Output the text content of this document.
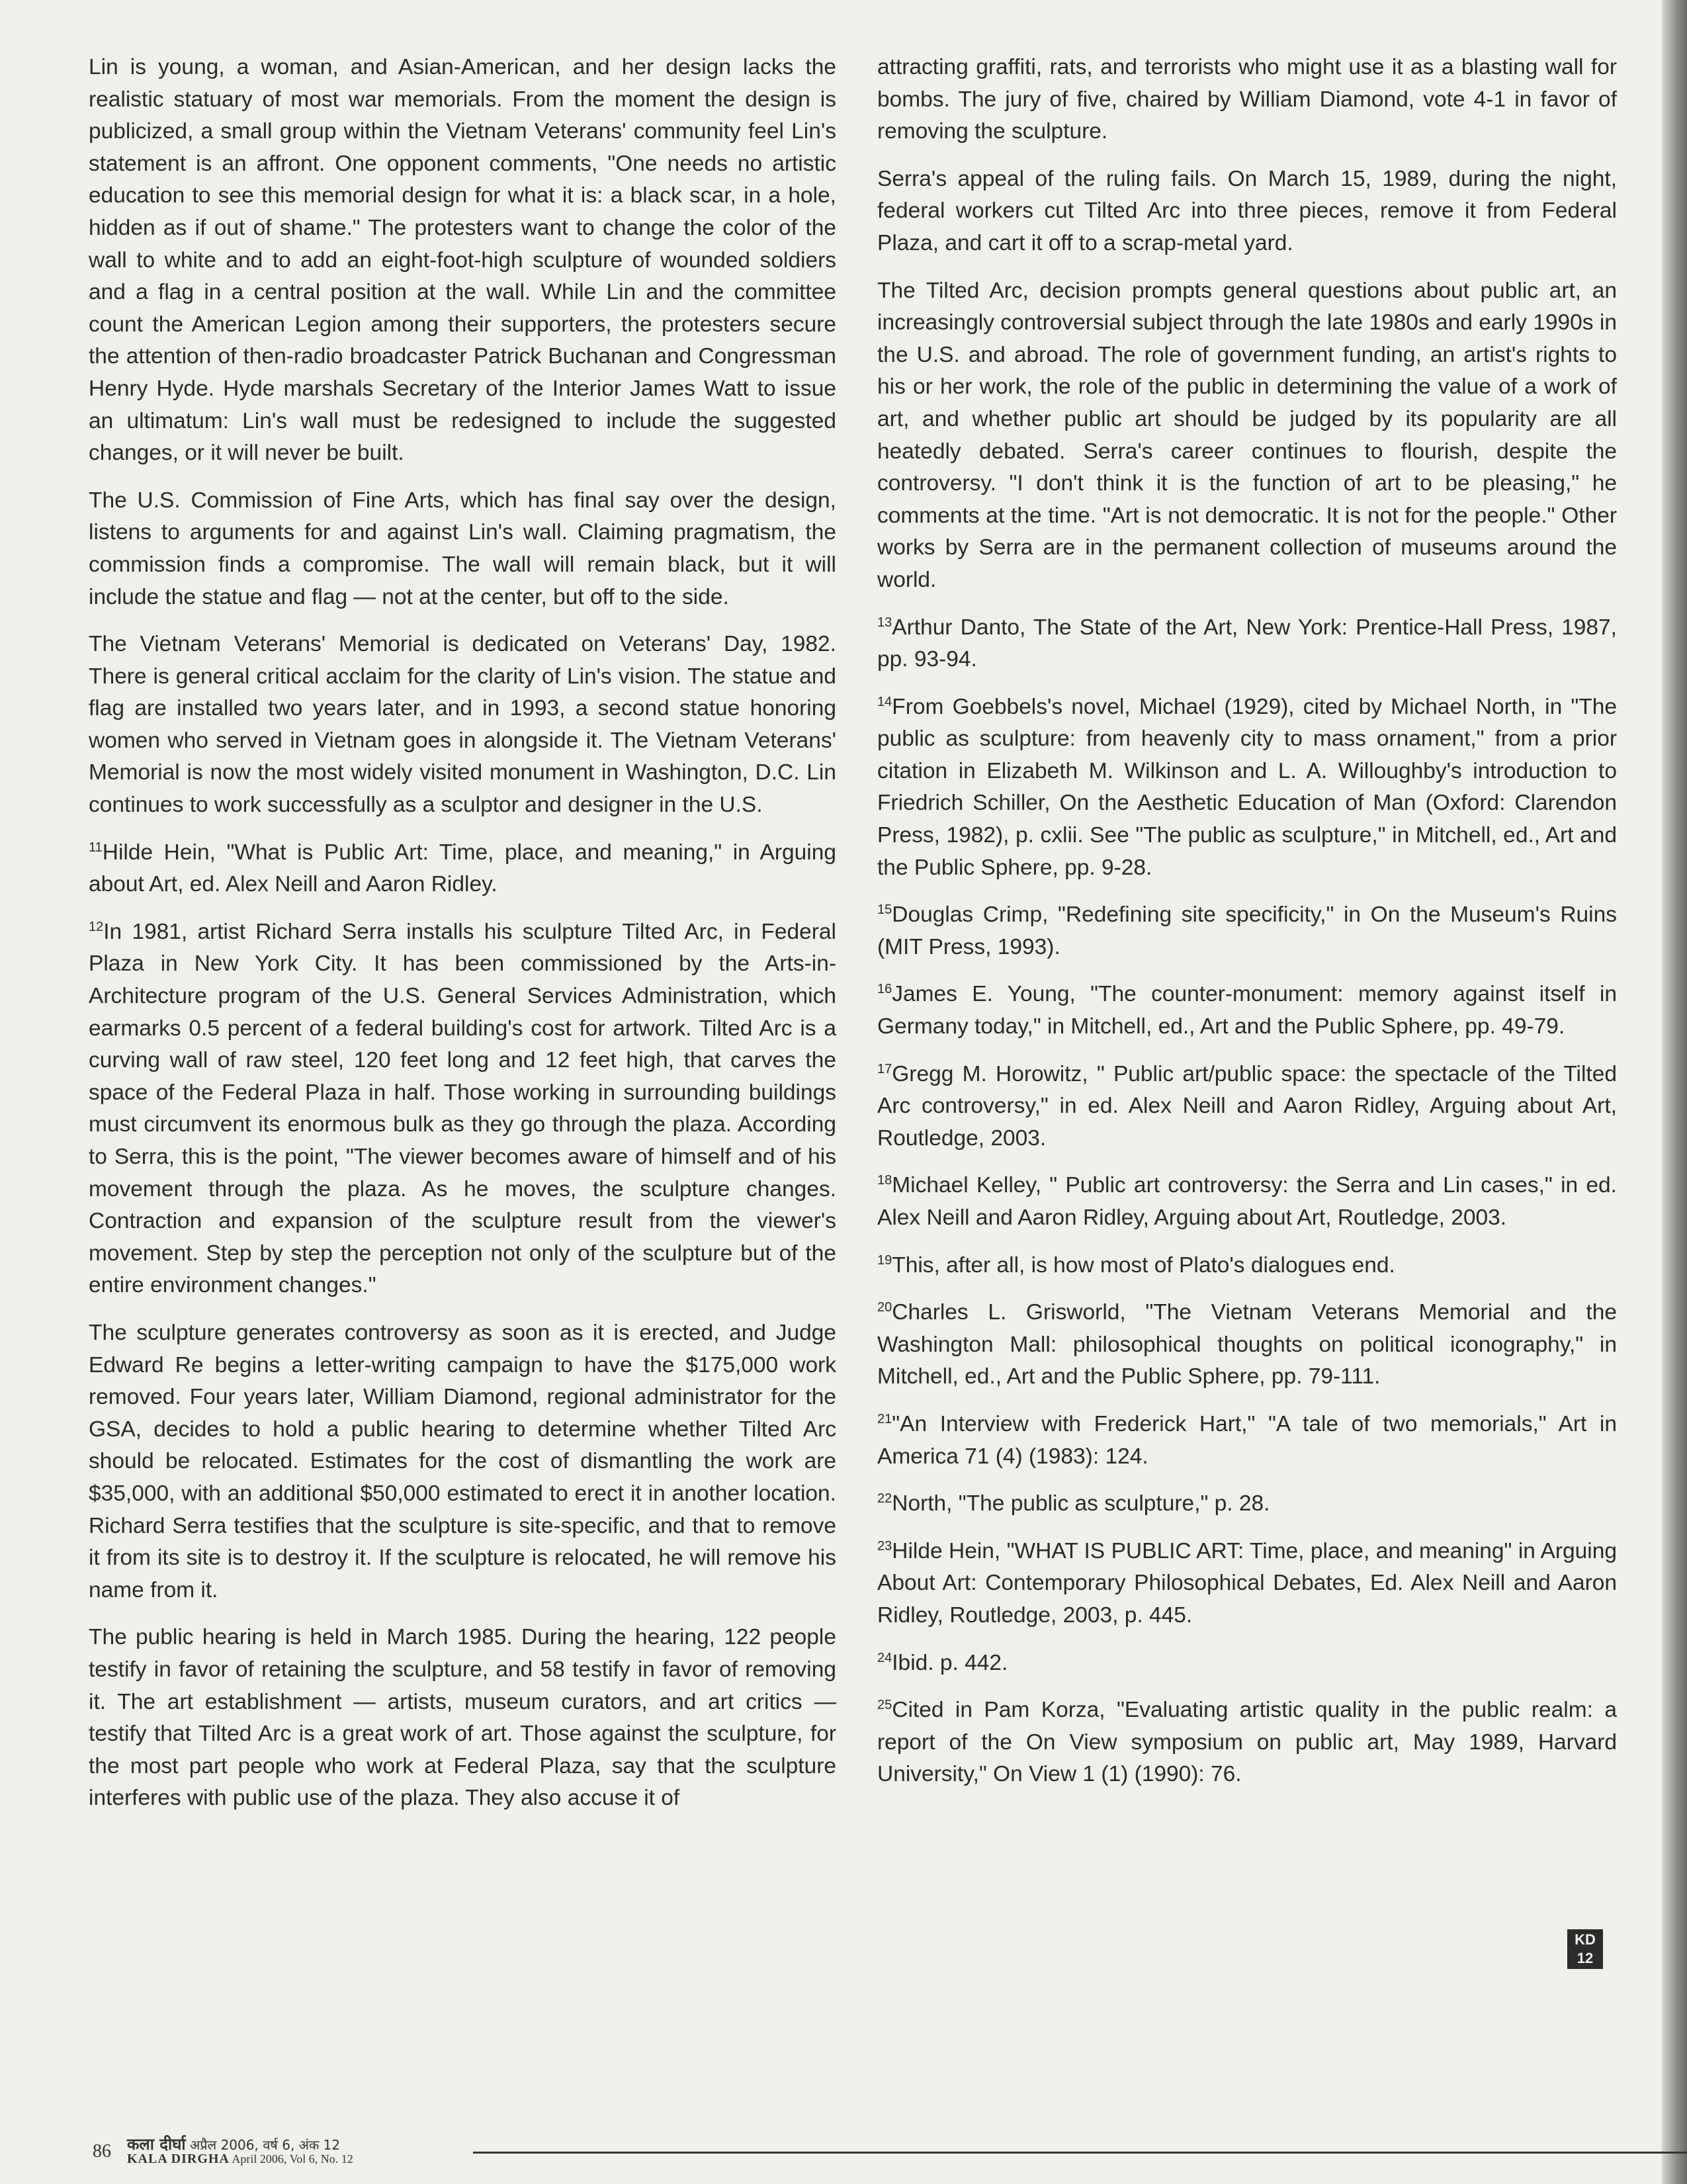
Lin is young, a woman, and Asian-American, and her design lacks the realistic statuary of most war memorials. From the moment the design is publicized, a small group within the Vietnam Veterans' community feel Lin's statement is an affront. One opponent comments, "One needs no artistic education to see this memorial design for what it is: a black scar, in a hole, hidden as if out of shame." The protesters want to change the color of the wall to white and to add an eight-foot-high sculpture of wounded soldiers and a flag in a central position at the wall. While Lin and the committee count the American Legion among their supporters, the protesters secure the attention of then-radio broadcaster Patrick Buchanan and Congressman Henry Hyde. Hyde marshals Secretary of the Interior James Watt to issue an ultimatum: Lin's wall must be redesigned to include the suggested changes, or it will never be built.

The U.S. Commission of Fine Arts, which has final say over the design, listens to arguments for and against Lin's wall. Claiming pragmatism, the commission finds a compromise. The wall will remain black, but it will include the statue and flag — not at the center, but off to the side.

The Vietnam Veterans' Memorial is dedicated on Veterans' Day, 1982. There is general critical acclaim for the clarity of Lin's vision. The statue and flag are installed two years later, and in 1993, a second statue honoring women who served in Vietnam goes in alongside it. The Vietnam Veterans' Memorial is now the most widely visited monument in Washington, D.C. Lin continues to work successfully as a sculptor and designer in the U.S.

$^{11}$Hilde Hein, "What is Public Art: Time, place, and meaning," in Arguing about Art, ed. Alex Neill and Aaron Ridley.

$^{12}$In 1981, artist Richard Serra installs his sculpture Tilted Arc, in Federal Plaza in New York City. It has been commissioned by the Arts-in-Architecture program of the U.S. General Services Administration, which earmarks 0.5 percent of a federal building's cost for artwork. Tilted Arc is a curving wall of raw steel, 120 feet long and 12 feet high, that carves the space of the Federal Plaza in half. Those working in surrounding buildings must circumvent its enormous bulk as they go through the plaza. According to Serra, this is the point, "The viewer becomes aware of himself and of his movement through the plaza. As he moves, the sculpture changes. Contraction and expansion of the sculpture result from the viewer's movement. Step by step the perception not only of the sculpture but of the entire environment changes."

The sculpture generates controversy as soon as it is erected, and Judge Edward Re begins a letter-writing campaign to have the $175,000 work removed. Four years later, William Diamond, regional administrator for the GSA, decides to hold a public hearing to determine whether Tilted Arc should be relocated. Estimates for the cost of dismantling the work are $35,000, with an additional $50,000 estimated to erect it in another location. Richard Serra testifies that the sculpture is site-specific, and that to remove it from its site is to destroy it. If the sculpture is relocated, he will remove his name from it.

The public hearing is held in March 1985. During the hearing, 122 people testify in favor of retaining the sculpture, and 58 testify in favor of removing it. The art establishment — artists, museum curators, and art critics — testify that Tilted Arc is a great work of art. Those against the sculpture, for the most part people who work at Federal Plaza, say that the sculpture interferes with public use of the plaza. They also accuse it of

attracting graffiti, rats, and terrorists who might use it as a blasting wall for bombs. The jury of five, chaired by William Diamond, vote 4-1 in favor of removing the sculpture.

Serra's appeal of the ruling fails. On March 15, 1989, during the night, federal workers cut Tilted Arc into three pieces, remove it from Federal Plaza, and cart it off to a scrap-metal yard.

The Tilted Arc, decision prompts general questions about public art, an increasingly controversial subject through the late 1980s and early 1990s in the U.S. and abroad. The role of government funding, an artist's rights to his or her work, the role of the public in determining the value of a work of art, and whether public art should be judged by its popularity are all heatedly debated. Serra's career continues to flourish, despite the controversy. "I don't think it is the function of art to be pleasing," he comments at the time. "Art is not democratic. It is not for the people." Other works by Serra are in the permanent collection of museums around the world.

$^{13}$Arthur Danto, The State of the Art, New York: Prentice-Hall Press, 1987, pp. 93-94.

$^{14}$From Goebbels's novel, Michael (1929), cited by Michael North, in "The public as sculpture: from heavenly city to mass ornament," from a prior citation in Elizabeth M. Wilkinson and L. A. Willoughby's introduction to Friedrich Schiller, On the Aesthetic Education of Man (Oxford: Clarendon Press, 1982), p. cxlii. See "The public as sculpture," in Mitchell, ed., Art and the Public Sphere, pp. 9-28.

$^{15}$Douglas Crimp, "Redefining site specificity," in On the Museum's Ruins (MIT Press, 1993).

$^{16}$James E. Young, "The counter-monument: memory against itself in Germany today," in Mitchell, ed., Art and the Public Sphere, pp. 49-79.

$^{17}$Gregg M. Horowitz, " Public art/public space: the spectacle of the Tilted Arc controversy," in ed. Alex Neill and Aaron Ridley, Arguing about Art, Routledge, 2003.

$^{18}$Michael Kelley, " Public art controversy: the Serra and Lin cases," in ed. Alex Neill and Aaron Ridley, Arguing about Art, Routledge, 2003.

$^{19}$This, after all, is how most of Plato's dialogues end.

$^{20}$Charles L. Grisworld, "The Vietnam Veterans Memorial and the Washington Mall: philosophical thoughts on political iconography," in Mitchell, ed., Art and the Public Sphere, pp. 79-111.

$^{21}$"An Interview with Frederick Hart," "A tale of two memorials," Art in America 71 (4) (1983): 124.

$^{22}$North, "The public as sculpture," p. 28.

$^{23}$Hilde Hein, "WHAT IS PUBLIC ART: Time, place, and meaning" in Arguing About Art: Contemporary Philosophical Debates, Ed. Alex Neill and Aaron Ridley, Routledge, 2003, p. 445.

$^{24}$Ibid. p. 442.

$^{25}$Cited in Pam Korza, "Evaluating artistic quality in the public realm: a report of the On View symposium on public art, May 1989, Harvard University," On View 1 (1) (1990): 76.

KD
12
86 कला दीर्घा अप्रैल 2006, वर्ष 6, अंक 12
KALA DIRGHA April 2006, Vol 6, No. 12
